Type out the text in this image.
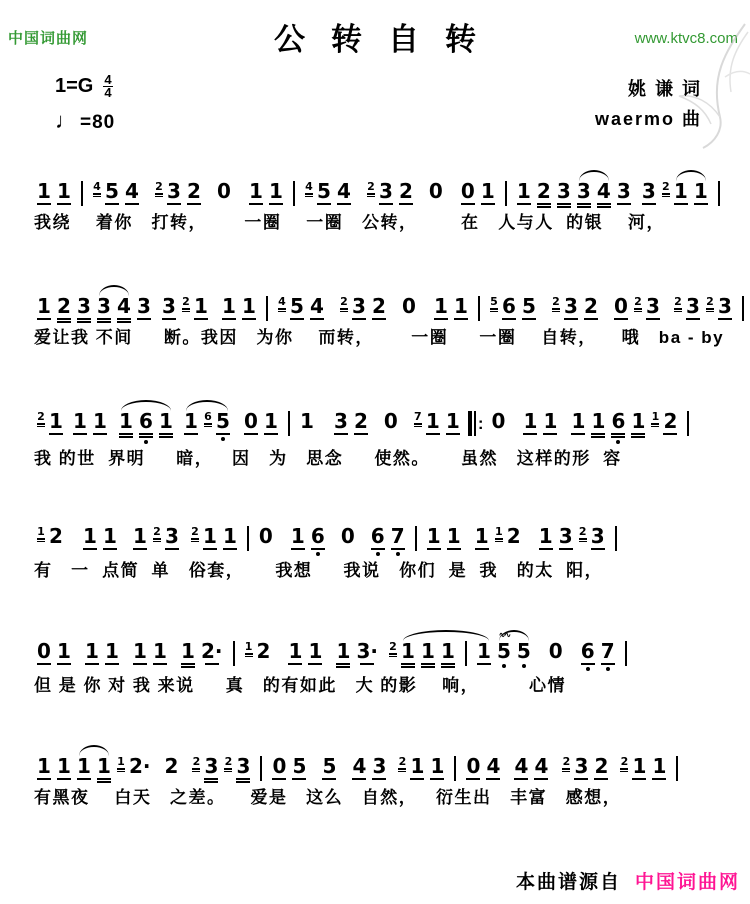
中国词曲网	www.ktvc8.com
公转自转
$1=G \frac{4}{4}$
♩ =80
姚 谦 词
waermo 曲
1 1 4 5 4 2 3 2 0 1 1 4 5 4 2 3 2 0 0 1 1 2 3 3 4 3 3 2 1 1
我绕    着你   打转，      一圈    一圈   公转，       在   人与人  的银    河，
1 2 3 3 4 3 3 2 1 1 1 4 5 4 2 3 2 0 1 1 5 6 5 2 3 2 0 2 3 2 3 2 3
爱让我 不间     断。我因   为你    而转，      一圈     一圈    自转，    哦   ba - by
2 1 1 1 1 6 1 1 6 5 0 1 1 3 2 0 7 1 1 : 0 1 1 1 1 6 1 1 2
我 的世  界明     暗，   因   为   思念     使然。     虽然   这样的形  容
1 2 1 1 1 2 3 2 1 1 0 1 6 0 6 7 1 1 1 1 2 1 3 2 3
有   一  点简  单   俗套，     我想     我说   你们  是  我   的太  阳，
0 1 1 1 1 1 1 2· 1 2 1 1 1 3· 2 1 1 1 1 5
∿∿
5 0 6 7
但 是 你 对 我 来说     真   的有如此   大 的影    响，        心情
1 1 1 1 1 2· 2 2 3 2 3 0 5 5 4 3 2 1 1 0 4 4 4 2 3 2 2 1 1
有黑夜    白天   之差。    爱是   这么   自然，   衍生出   丰富   感想，
本曲谱源自 中国词曲网
